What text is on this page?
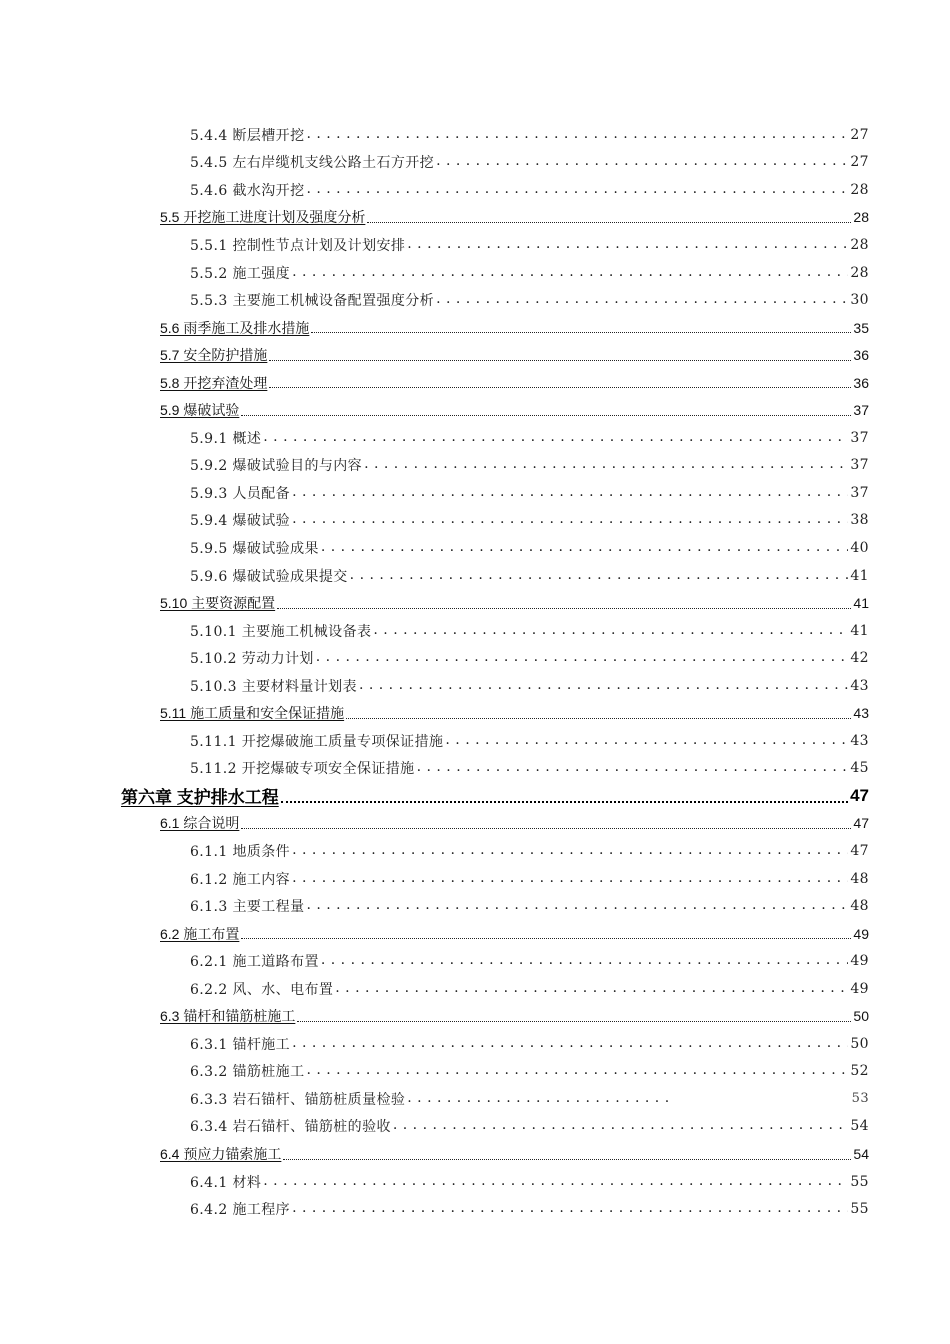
5.4.4 断层槽开挖 . . .	27
5.4.5 左右岸缆机支线公路土石方开挖 . . .	27
5.4.6 截水沟开挖 . . .	28
5.5 开挖施工进度计划及强度分析	28
5.5.1 控制性节点计划及计划安排 . . .	28
5.5.2 施工强度 . . .	28
5.5.3 主要施工机械设备配置强度分析 . . .	30
5.6 雨季施工及排水措施	35
5.7 安全防护措施	36
5.8 开挖弃渣处理	36
5.9 爆破试验	37
5.9.1 概述 . . .	37
5.9.2 爆破试验目的与内容 . . .	37
5.9.3 人员配备 . . .	37
5.9.4 爆破试验 . . .	38
5.9.5 爆破试验成果 . . .	40
5.9.6 爆破试验成果提交 . . .	41
5.10 主要资源配置	41
5.10.1 主要施工机械设备表 . . .	41
5.10.2 劳动力计划 . . .	42
5.10.3 主要材料量计划表 . . .	43
5.11 施工质量和安全保证措施	43
5.11.1 开挖爆破施工质量专项保证措施 . . .	43
5.11.2 开挖爆破专项安全保证措施 . . .	45
第六章 支护排水工程	47
6.1 综合说明	47
6.1.1 地质条件 . . .	47
6.1.2 施工内容 . . .	48
6.1.3 主要工程量 . . .	48
6.2 施工布置	49
6.2.1 施工道路布置 . . .	49
6.2.2 风、水、电布置 . . .	49
6.3 锚杆和锚筋桩施工	50
6.3.1 锚杆施工 . . .	50
6.3.2 锚筋桩施工 . . .	52
6.3.3 岩石锚杆、锚筋桩质量检验 . . .	53
6.3.4 岩石锚杆、锚筋桩的验收 . . .	54
6.4 预应力锚索施工	54
6.4.1 材料 . . .	55
6.4.2 施工程序 . . .	55
